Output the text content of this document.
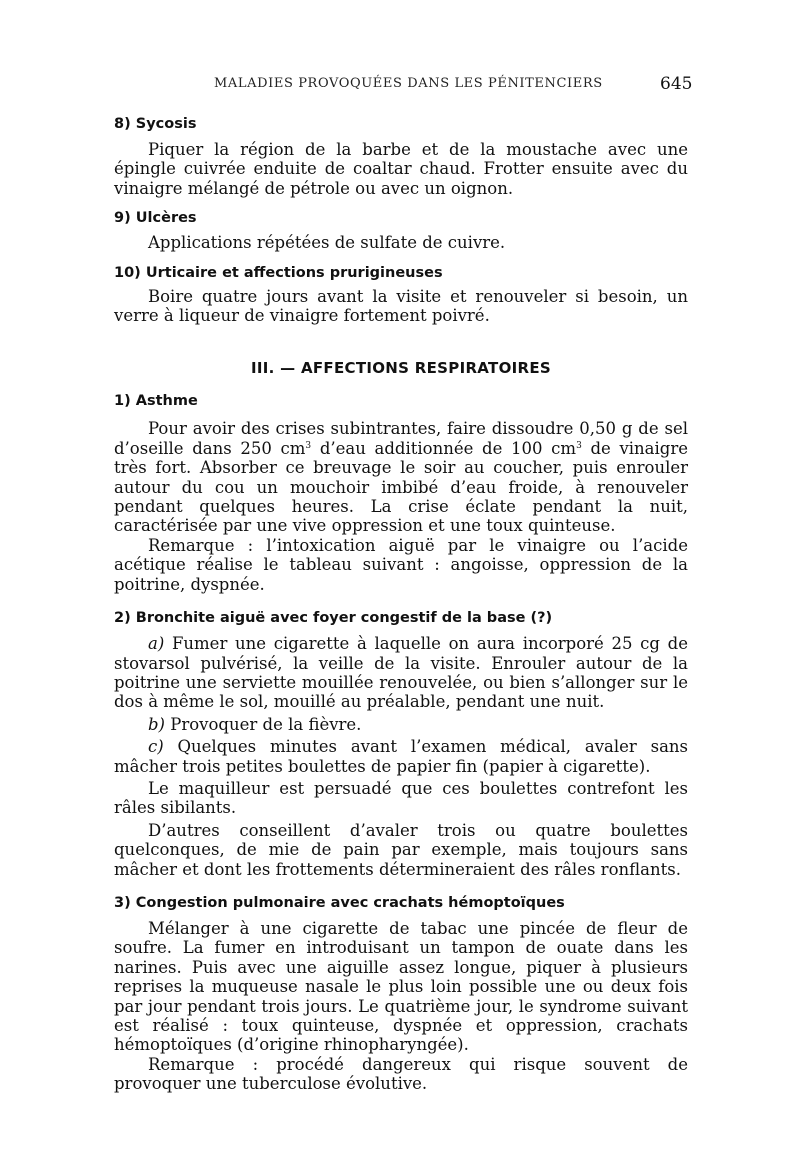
MALADIES PROVOQUÉES DANS LES PÉNITENCIERS	645
8) Sycosis

Piquer la région de la barbe et de la moustache avec une épingle cuivrée enduite de coaltar chaud. Frotter ensuite avec du vinaigre mélangé de pétrole ou avec un oignon.

9) Ulcères

Applications répétées de sulfate de cuivre.

10) Urticaire et affections prurigineuses

Boire quatre jours avant la visite et renouveler si besoin, un verre à liqueur de vinaigre fortement poivré.

III. — AFFECTIONS RESPIRATOIRES
1) Asthme

Pour avoir des crises subintrantes, faire dissoudre 0,50 g de sel d’oseille dans 250 $cm^3$ d’eau additionnée de 100 $cm^3$ de vinaigre très fort. Absorber ce breuvage le soir au coucher, puis enrouler autour du cou un mouchoir imbibé d’eau froide, à renouveler pendant quelques heures. La crise éclate pendant la nuit, caractérisée par une vive oppression et une toux quinteuse.

Remarque : l’intoxication aiguë par le vinaigre ou l’acide acétique réalise le tableau suivant : angoisse, oppression de la poitrine, dyspnée.

2) Bronchite aiguë avec foyer congestif de la base (?)

a) Fumer une cigarette à laquelle on aura incorporé 25 cg de stovarsol pulvérisé, la veille de la visite. Enrouler autour de la poitrine une serviette mouillée renouvelée, ou bien s’allonger sur le dos à même le sol, mouillé au préalable, pendant une nuit.

b) Provoquer de la fièvre.

c) Quelques minutes avant l’examen médical, avaler sans mâcher trois petites boulettes de papier fin (papier à cigarette).

Le maquilleur est persuadé que ces boulettes contrefont les râles sibilants.

D’autres conseillent d’avaler trois ou quatre boulettes quelconques, de mie de pain par exemple, mais toujours sans mâcher et dont les frottements détermineraient des râles ronflants.

3) Congestion pulmonaire avec crachats hémoptoïques

Mélanger à une cigarette de tabac une pincée de fleur de soufre. La fumer en introduisant un tampon de ouate dans les narines. Puis avec une aiguille assez longue, piquer à plusieurs reprises la muqueuse nasale le plus loin possible une ou deux fois par jour pendant trois jours. Le quatrième jour, le syndrome suivant est réalisé : toux quinteuse, dyspnée et oppression, crachats hémoptoïques (d’origine rhinopharyngée).

Remarque : procédé dangereux qui risque souvent de provoquer une tuberculose évolutive.
